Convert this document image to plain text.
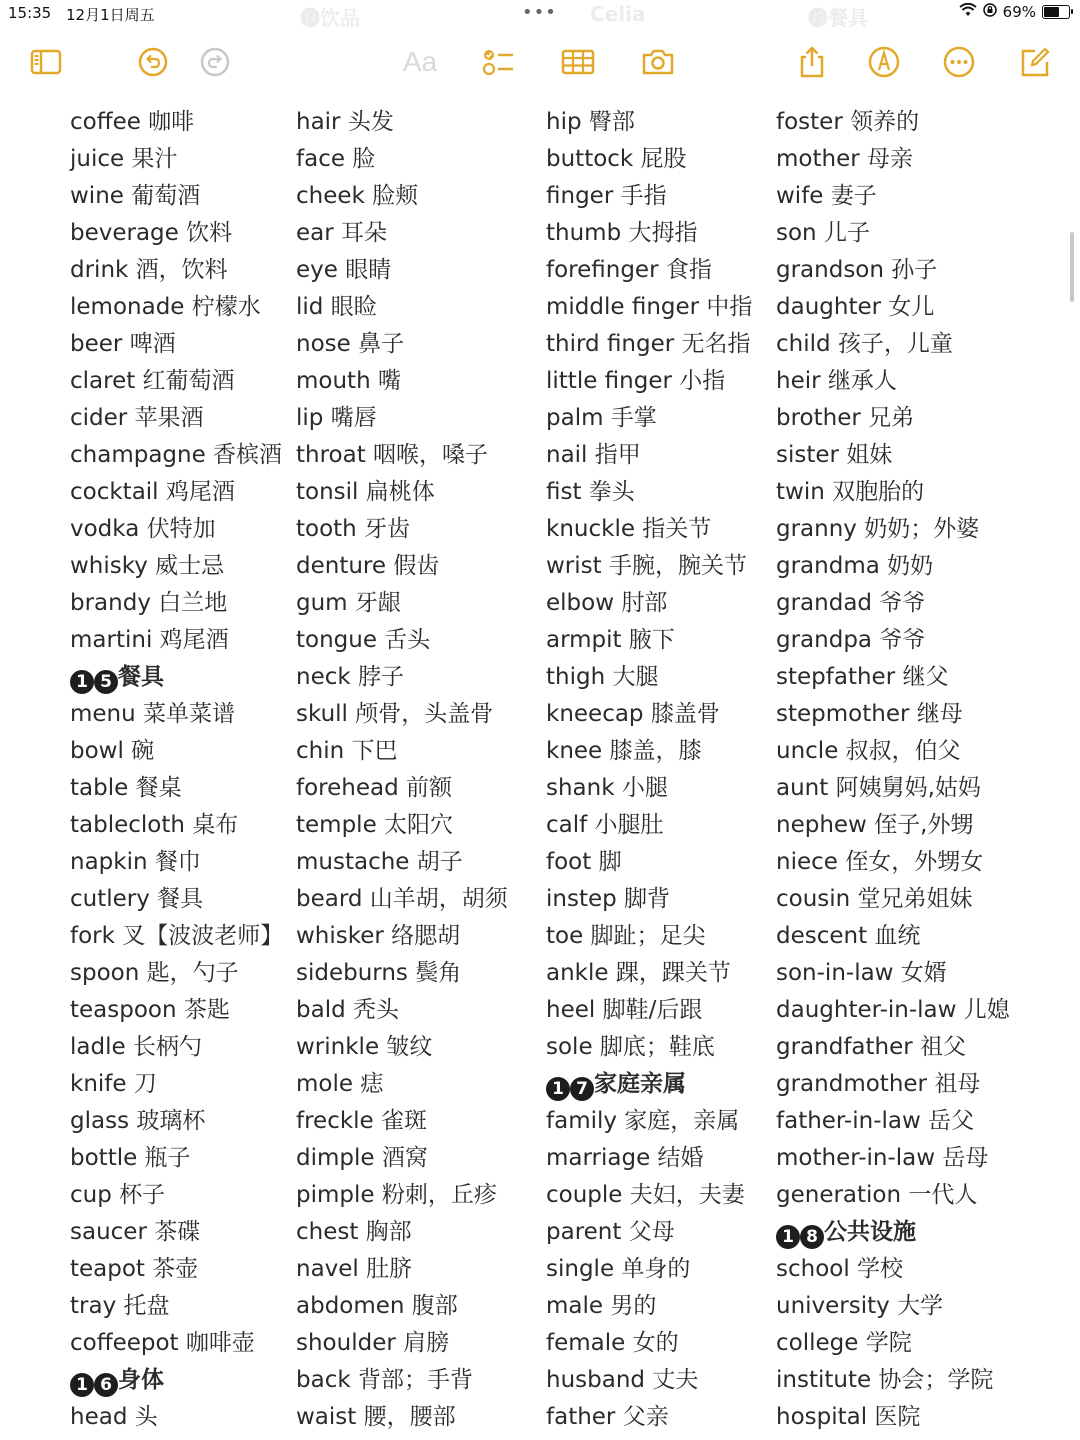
15:35 12月1日周五	•••	69%
⓮饮品	Celia	⓯餐具
Aa
coffee 咖啡
juice 果汁
wine 葡萄酒
beverage 饮料
drink 酒，饮料
lemonade 柠檬水
beer 啤酒
claret 红葡萄酒
cider 苹果酒
champagne 香槟酒
cocktail 鸡尾酒
vodka 伏特加
whisky 威士忌
brandy 白兰地
martini 鸡尾酒
1 5 餐具
menu 菜单菜谱
bowl 碗
table 餐桌
tablecloth 桌布
napkin 餐巾
cutlery 餐具
fork 叉【波波老师】
spoon 匙，勺子
teaspoon 茶匙
ladle 长柄勺
knife 刀
glass 玻璃杯
bottle 瓶子
cup 杯子
saucer 茶碟
teapot 茶壶
tray 托盘
coffeepot 咖啡壶
1 6 身体
head 头
hair 头发
face 脸
cheek 脸颊
ear 耳朵
eye 眼睛
lid 眼睑
nose 鼻子
mouth 嘴
lip 嘴唇
throat 咽喉，嗓子
tonsil 扁桃体
tooth 牙齿
denture 假齿
gum 牙龈
tongue 舌头
neck 脖子
skull 颅骨，头盖骨
chin 下巴
forehead 前额
temple 太阳穴
mustache 胡子
beard 山羊胡，胡须
whisker 络腮胡
sideburns 鬓角
bald 秃头
wrinkle 皱纹
mole 痣
freckle 雀斑
dimple 酒窝
pimple 粉刺，丘疹
chest 胸部
navel 肚脐
abdomen 腹部
shoulder 肩膀
back 背部；手背
waist 腰，腰部
hip 臀部
buttock 屁股
finger 手指
thumb 大拇指
forefinger 食指
middle finger 中指
third finger 无名指
little finger 小指
palm 手掌
nail 指甲
fist 拳头
knuckle 指关节
wrist 手腕，腕关节
elbow 肘部
armpit 腋下
thigh 大腿
kneecap 膝盖骨
knee 膝盖，膝
shank 小腿
calf 小腿肚
foot 脚
instep 脚背
toe 脚趾；足尖
ankle 踝，踝关节
heel 脚鞋/后跟
sole 脚底；鞋底
1 7 家庭亲属
family 家庭，亲属
marriage 结婚
couple 夫妇，夫妻
parent 父母
single 单身的
male 男的
female 女的
husband 丈夫
father 父亲
foster 领养的
mother 母亲
wife 妻子
son 儿子
grandson 孙子
daughter 女儿
child 孩子，儿童
heir 继承人
brother 兄弟
sister 姐妹
twin 双胞胎的
granny 奶奶；外婆
grandma 奶奶
grandad 爷爷
grandpa 爷爷
stepfather 继父
stepmother 继母
uncle 叔叔，伯父
aunt 阿姨舅妈,姑妈
nephew 侄子,外甥
niece 侄女，外甥女
cousin 堂兄弟姐妹
descent 血统
son-in-law 女婿
daughter-in-law 儿媳
grandfather 祖父
grandmother 祖母
father-in-law 岳父
mother-in-law 岳母
generation 一代人
1 8 公共设施
school 学校
university 大学
college 学院
institute 协会；学院
hospital 医院
